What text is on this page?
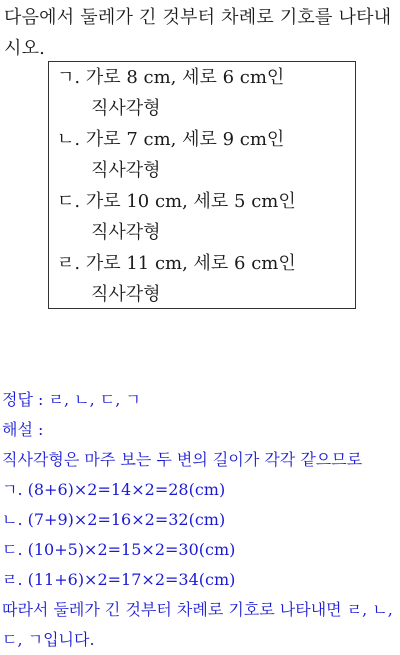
다음에서 둘레가 긴 것부터 차례로 기호를 나타내시오.
ㄱ. 가로 8 cm, 세로 6 cm인
직사각형
ㄴ. 가로 7 cm, 세로 9 cm인
직사각형
ㄷ. 가로 10 cm, 세로 5 cm인
직사각형
ㄹ. 가로 11 cm, 세로 6 cm인
직사각형
정답 : ㄹ, ㄴ, ㄷ, ㄱ
해설 :
직사각형은 마주 보는 두 변의 길이가 각각 같으므로
ㄱ. (8+6)×2=14×2=28(cm)
ㄴ. (7+9)×2=16×2=32(cm)
ㄷ. (10+5)×2=15×2=30(cm)
ㄹ. (11+6)×2=17×2=34(cm)
따라서 둘레가 긴 것부터 차례로 기호로 나타내면 ㄹ, ㄴ, ㄷ, ㄱ입니다.
